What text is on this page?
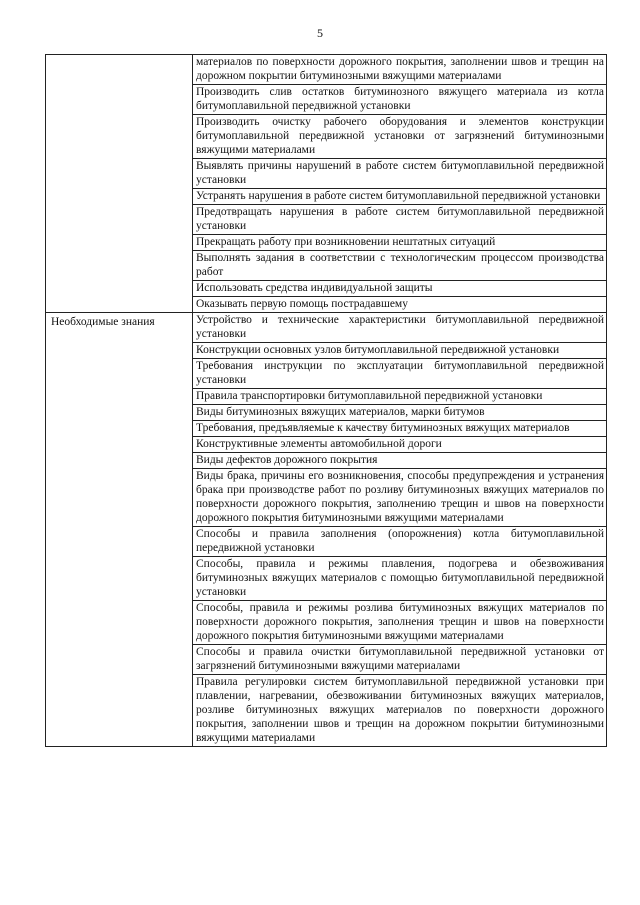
5
	материалов по поверхности дорожного покрытия, заполнении швов и трещин на дорожном покрытии битуминозными вяжущими материалами
	Производить слив остатков битуминозного вяжущего материала из котла битумоплавильной передвижной установки
	Производить очистку рабочего оборудования и элементов конструкции битумоплавильной передвижной установки от загрязнений битуминозными вяжущими материалами
	Выявлять причины нарушений в работе систем битумоплавильной передвижной установки
	Устранять нарушения в работе систем битумоплавильной передвижной установки
	Предотвращать нарушения в работе систем битумоплавильной передвижной установки
	Прекращать работу при возникновении нештатных ситуаций
	Выполнять задания в соответствии с технологическим процессом производства работ
	Использовать средства индивидуальной защиты
	Оказывать первую помощь пострадавшему
Необходимые знания	Устройство и технические характеристики битумоплавильной передвижной установки
	Конструкции основных узлов битумоплавильной передвижной установки
	Требования инструкции по эксплуатации битумоплавильной передвижной установки
	Правила транспортировки битумоплавильной передвижной установки
	Виды битуминозных вяжущих материалов, марки битумов
	Требования, предъявляемые к качеству битуминозных вяжущих материалов
	Конструктивные элементы автомобильной дороги
	Виды дефектов дорожного покрытия
	Виды брака, причины его возникновения, способы предупреждения и устранения брака при производстве работ по розливу битуминозных вяжущих материалов по поверхности дорожного покрытия, заполнению трещин и швов на поверхности дорожного покрытия битуминозными вяжущими материалами
	Способы и правила заполнения (опорожнения) котла битумоплавильной передвижной установки
	Способы, правила и режимы плавления, подогрева и обезвоживания битуминозных вяжущих материалов с помощью битумоплавильной передвижной установки
	Способы, правила и режимы розлива битуминозных вяжущих материалов по поверхности дорожного покрытия, заполнения трещин и швов на поверхности дорожного покрытия битуминозными вяжущими материалами
	Способы и правила очистки битумоплавильной передвижной установки от загрязнений битуминозными вяжущими материалами
	Правила регулировки систем битумоплавильной передвижной установки при плавлении, нагревании, обезвоживании битуминозных вяжущих материалов, розливе битуминозных вяжущих материалов по поверхности дорожного покрытия, заполнении швов и трещин на дорожном покрытии битуминозными вяжущими материалами
